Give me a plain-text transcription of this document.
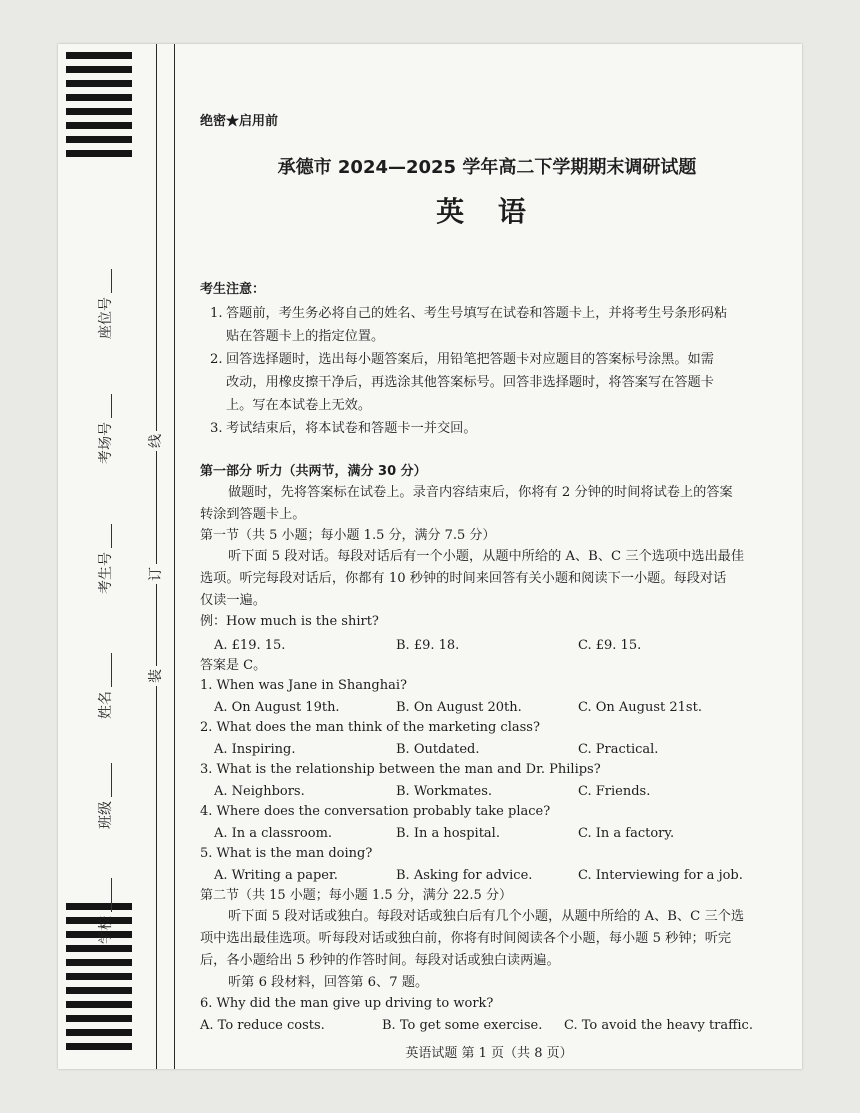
座位号
考场号
考生号
姓名
班级
学校
线
订
装
绝密★启用前
承德市 2024—2025 学年高二下学期期末调研试题
英 语
考生注意：
1. 答题前，考生务必将自己的姓名、考生号填写在试卷和答题卡上，并将考生号条形码粘
贴在答题卡上的指定位置。
2. 回答选择题时，选出每小题答案后，用铅笔把答题卡对应题目的答案标号涂黑。如需
改动，用橡皮擦干净后，再选涂其他答案标号。回答非选择题时，将答案写在答题卡
上。写在本试卷上无效。
3. 考试结束后，将本试卷和答题卡一并交回。
第一部分 听力（共两节，满分 30 分）
做题时，先将答案标在试卷上。录音内容结束后，你将有 2 分钟的时间将试卷上的答案
转涂到答题卡上。
第一节（共 5 小题；每小题 1.5 分，满分 7.5 分）
听下面 5 段对话。每段对话后有一个小题，从题中所给的 A、B、C 三个选项中选出最佳
选项。听完每段对话后，你都有 10 秒钟的时间来回答有关小题和阅读下一小题。每段对话
仅读一遍。
例：How much is the shirt?
A. £19. 15.	B. £9. 18.	C. £9. 15.
答案是 C。
1. When was Jane in Shanghai?
A. On August 19th.	B. On August 20th.	C. On August 21st.
2. What does the man think of the marketing class?
A. Inspiring.	B. Outdated.	C. Practical.
3. What is the relationship between the man and Dr. Philips?
A. Neighbors.	B. Workmates.	C. Friends.
4. Where does the conversation probably take place?
A. In a classroom.	B. In a hospital.	C. In a factory.
5. What is the man doing?
A. Writing a paper.	B. Asking for advice.	C. Interviewing for a job.
第二节（共 15 小题；每小题 1.5 分，满分 22.5 分）
听下面 5 段对话或独白。每段对话或独白后有几个小题，从题中所给的 A、B、C 三个选
项中选出最佳选项。听每段对话或独白前，你将有时间阅读各个小题，每小题 5 秒钟；听完
后，各小题给出 5 秒钟的作答时间。每段对话或独白读两遍。
听第 6 段材料，回答第 6、7 题。
6. Why did the man give up driving to work?
A. To reduce costs.	B. To get some exercise.	C. To avoid the heavy traffic.
英语试题 第 1 页（共 8 页）
